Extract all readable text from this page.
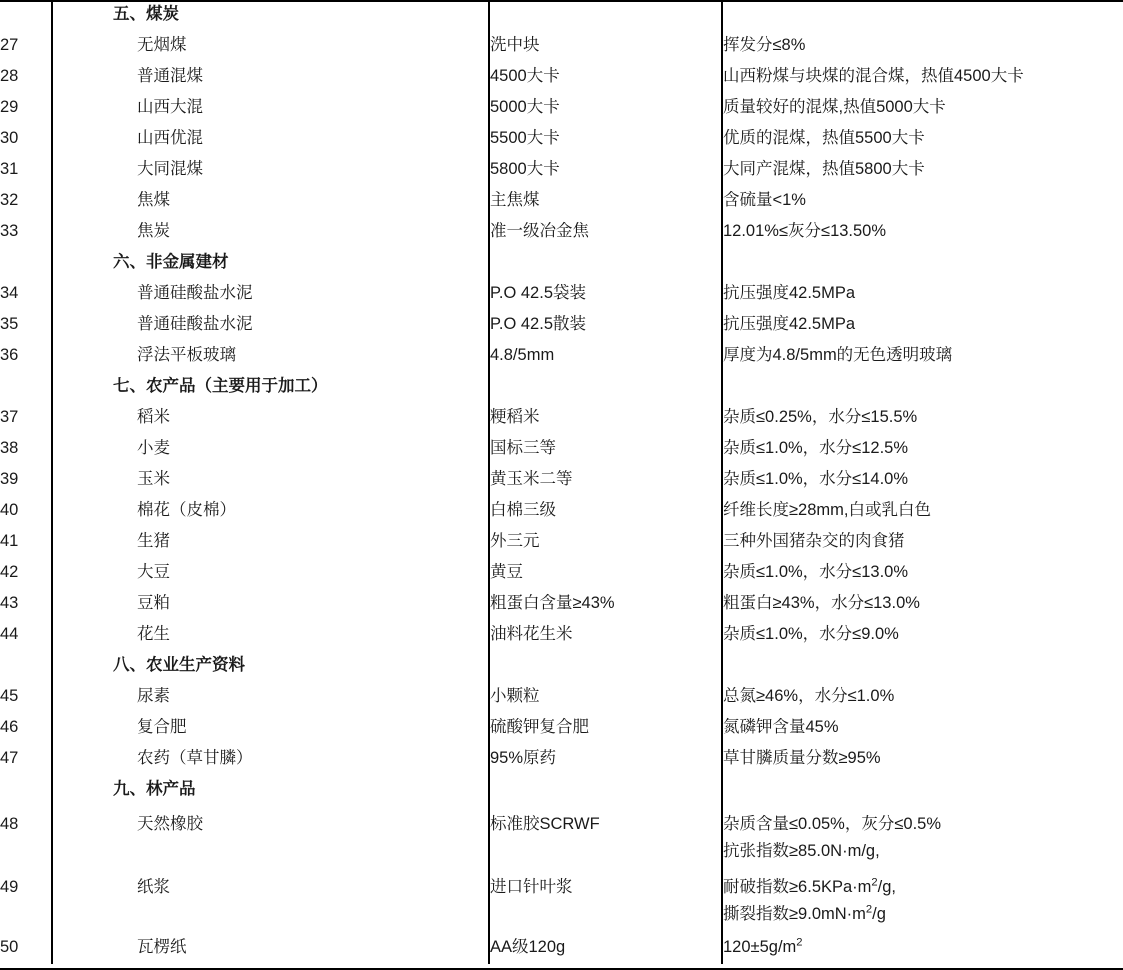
	五、煤炭		

27	无烟煤	洗中块	挥发分≤8%

28	普通混煤	4500大卡	山西粉煤与块煤的混合煤，热值4500大卡

29	山西大混	5000大卡	质量较好的混煤,热值5000大卡

30	山西优混	5500大卡	优质的混煤，热值5500大卡

31	大同混煤	5800大卡	大同产混煤，热值5800大卡

32	焦煤	主焦煤	含硫量<1%

33	焦炭	准一级冶金焦	12.01%≤灰分≤13.50%

	六、非金属建材		

34	普通硅酸盐水泥	P.O 42.5袋装	抗压强度42.5MPa

35	普通硅酸盐水泥	P.O 42.5散装	抗压强度42.5MPa

36	浮法平板玻璃	4.8/5mm	厚度为4.8/5mm的无色透明玻璃

	七、农产品（主要用于加工）		

37	稻米	粳稻米	杂质≤0.25%，水分≤15.5%

38	小麦	国标三等	杂质≤1.0%，水分≤12.5%

39	玉米	黄玉米二等	杂质≤1.0%，水分≤14.0%

40	棉花（皮棉）	白棉三级	纤维长度≥28mm,白或乳白色

41	生猪	外三元	三种外国猪杂交的肉食猪

42	大豆	黄豆	杂质≤1.0%，水分≤13.0%

43	豆粕	粗蛋白含量≥43%	粗蛋白≥43%，水分≤13.0%

44	花生	油料花生米	杂质≤1.0%，水分≤9.0%

	八、农业生产资料		

45	尿素	小颗粒	总氮≥46%，水分≤1.0%

46	复合肥	硫酸钾复合肥	氮磷钾含量45%

47	农药（草甘膦）	95%原药	草甘膦质量分数≥95%

	九、林产品		

48	天然橡胶	标准胶SCRWF	杂质含量≤0.05%，灰分≤0.5%
抗张指数≥85.0N·m/g,

49	纸浆	进口针叶浆	耐破指数$\ge 6.5KPa\cdot m^2/g$,
撕裂指数$\ge 9.0mN\cdot m^2/g$

50	瓦楞纸	AA级120g	$120\pm 5g/m^2$
